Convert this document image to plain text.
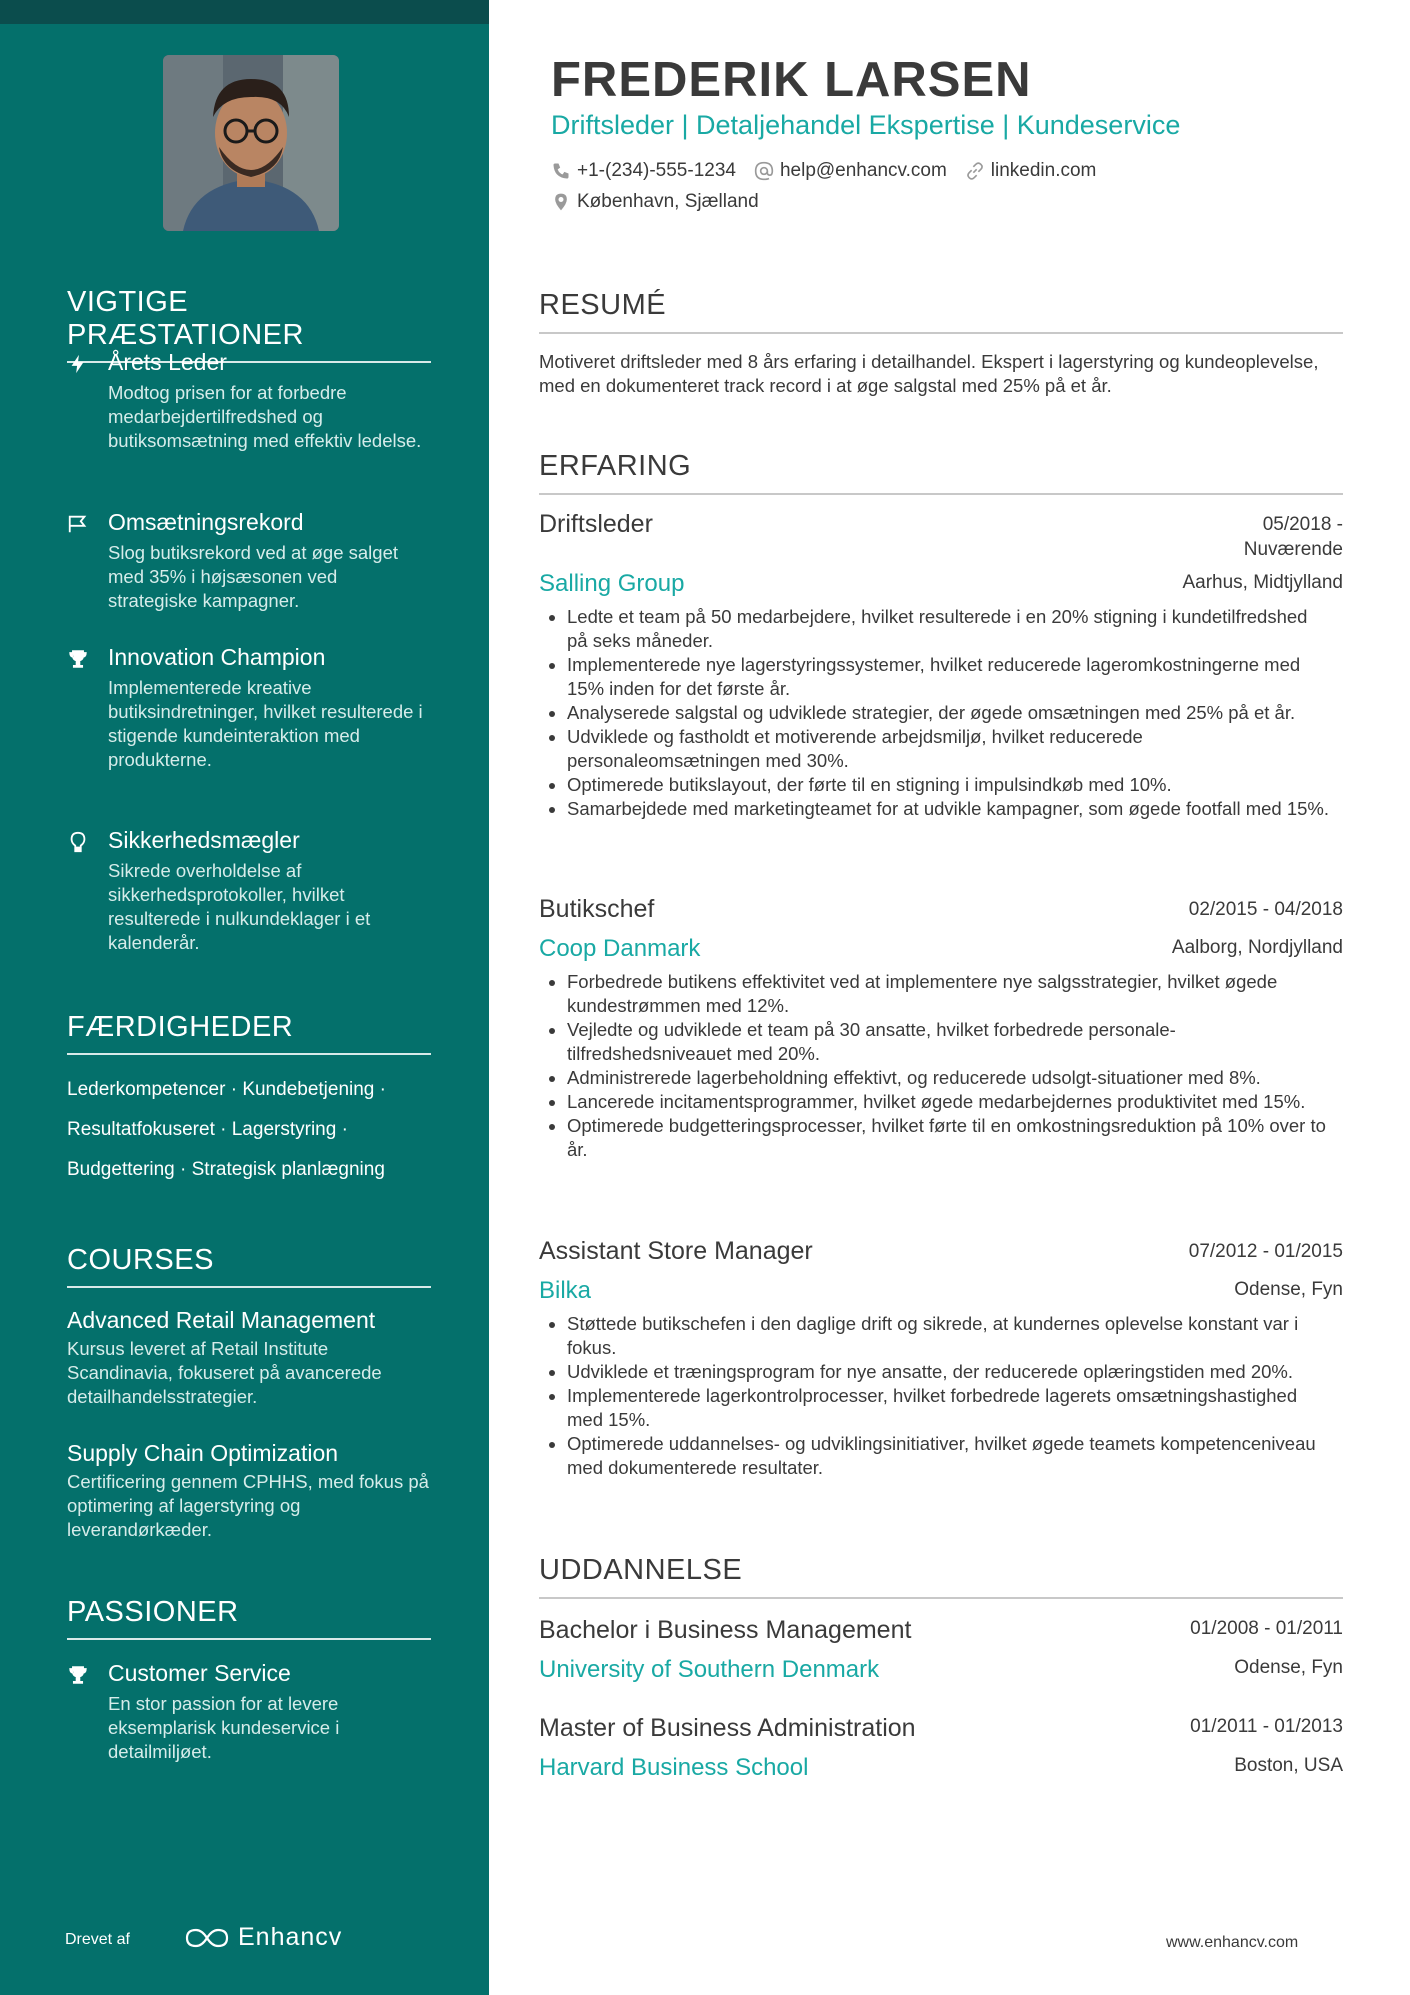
VIGTIGE PRÆSTATIONER
Årets Leder
Modtog prisen for at forbedre medarbejdertilfredshed og butiksomsætning med effektiv ledelse.
Omsætningsrekord
Slog butiksrekord ved at øge salget med 35% i højsæsonen ved strategiske kampagner.
Innovation Champion
Implementerede kreative butiksindretninger, hvilket resulterede i stigende kundeinteraktion med produkterne.
Sikkerhedsmægler
Sikrede overholdelse af sikkerhedsprotokoller, hvilket resulterede i nulkundeklager i et kalenderår.
FÆRDIGHEDER
Lederkompetencer · Kundebetjening ·
Resultatfokuseret · Lagerstyring ·
Budgettering · Strategisk planlægning
COURSES
Advanced Retail Management
Kursus leveret af Retail Institute Scandinavia, fokuseret på avancerede detailhandelsstrategier.
Supply Chain Optimization
Certificering gennem CPHHS, med fokus på optimering af lagerstyring og leverandørkæder.
PASSIONER
Customer Service
En stor passion for at levere eksemplarisk kundeservice i detailmiljøet.
Drevet af	Enhancv
FREDERIK LARSEN
Driftsleder | Detaljehandel Ekspertise | Kundeservice
+1-(234)-555-1234 help@enhancv.com linkedin.com
København, Sjælland
RESUMÉ
Motiveret driftsleder med 8 års erfaring i detailhandel. Ekspert i lagerstyring og kundeoplevelse, med en dokumenteret track record i at øge salgstal med 25% på et år.
ERFARING
Driftsleder	05/2018 -
Nuværende
Salling Group	Aarhus, Midtjylland
• Ledte et team på 50 medarbejdere, hvilket resulterede i en 20% stigning i kundetilfredshed på seks måneder.
• Implementerede nye lagerstyringssystemer, hvilket reducerede lageromkostningerne med 15% inden for det første år.
• Analyserede salgstal og udviklede strategier, der øgede omsætningen med 25% på et år.
• Udviklede og fastholdt et motiverende arbejdsmiljø, hvilket reducerede personaleomsætningen med 30%.
• Optimerede butikslayout, der førte til en stigning i impulsindkøb med 10%.
• Samarbejdede med marketingteamet for at udvikle kampagner, som øgede footfall med 15%.
Butikschef	02/2015 - 04/2018
Coop Danmark	Aalborg, Nordjylland
• Forbedrede butikens effektivitet ved at implementere nye salgsstrategier, hvilket øgede kundestrømmen med 12%.
• Vejledte og udviklede et team på 30 ansatte, hvilket forbedrede personale-tilfredshedsniveauet med 20%.
• Administrerede lagerbeholdning effektivt, og reducerede udsolgt-situationer med 8%.
• Lancerede incitamentsprogrammer, hvilket øgede medarbejdernes produktivitet med 15%.
• Optimerede budgetteringsprocesser, hvilket førte til en omkostningsreduktion på 10% over to år.
Assistant Store Manager	07/2012 - 01/2015
Bilka	Odense, Fyn
• Støttede butikschefen i den daglige drift og sikrede, at kundernes oplevelse konstant var i fokus.
• Udviklede et træningsprogram for nye ansatte, der reducerede oplæringstiden med 20%.
• Implementerede lagerkontrolprocesser, hvilket forbedrede lagerets omsætningshastighed med 15%.
• Optimerede uddannelses- og udviklingsinitiativer, hvilket øgede teamets kompetenceniveau med dokumenterede resultater.
UDDANNELSE
Bachelor i Business Management	01/2008 - 01/2011
University of Southern Denmark	Odense, Fyn
Master of Business Administration	01/2011 - 01/2013
Harvard Business School	Boston, USA
www.enhancv.com
